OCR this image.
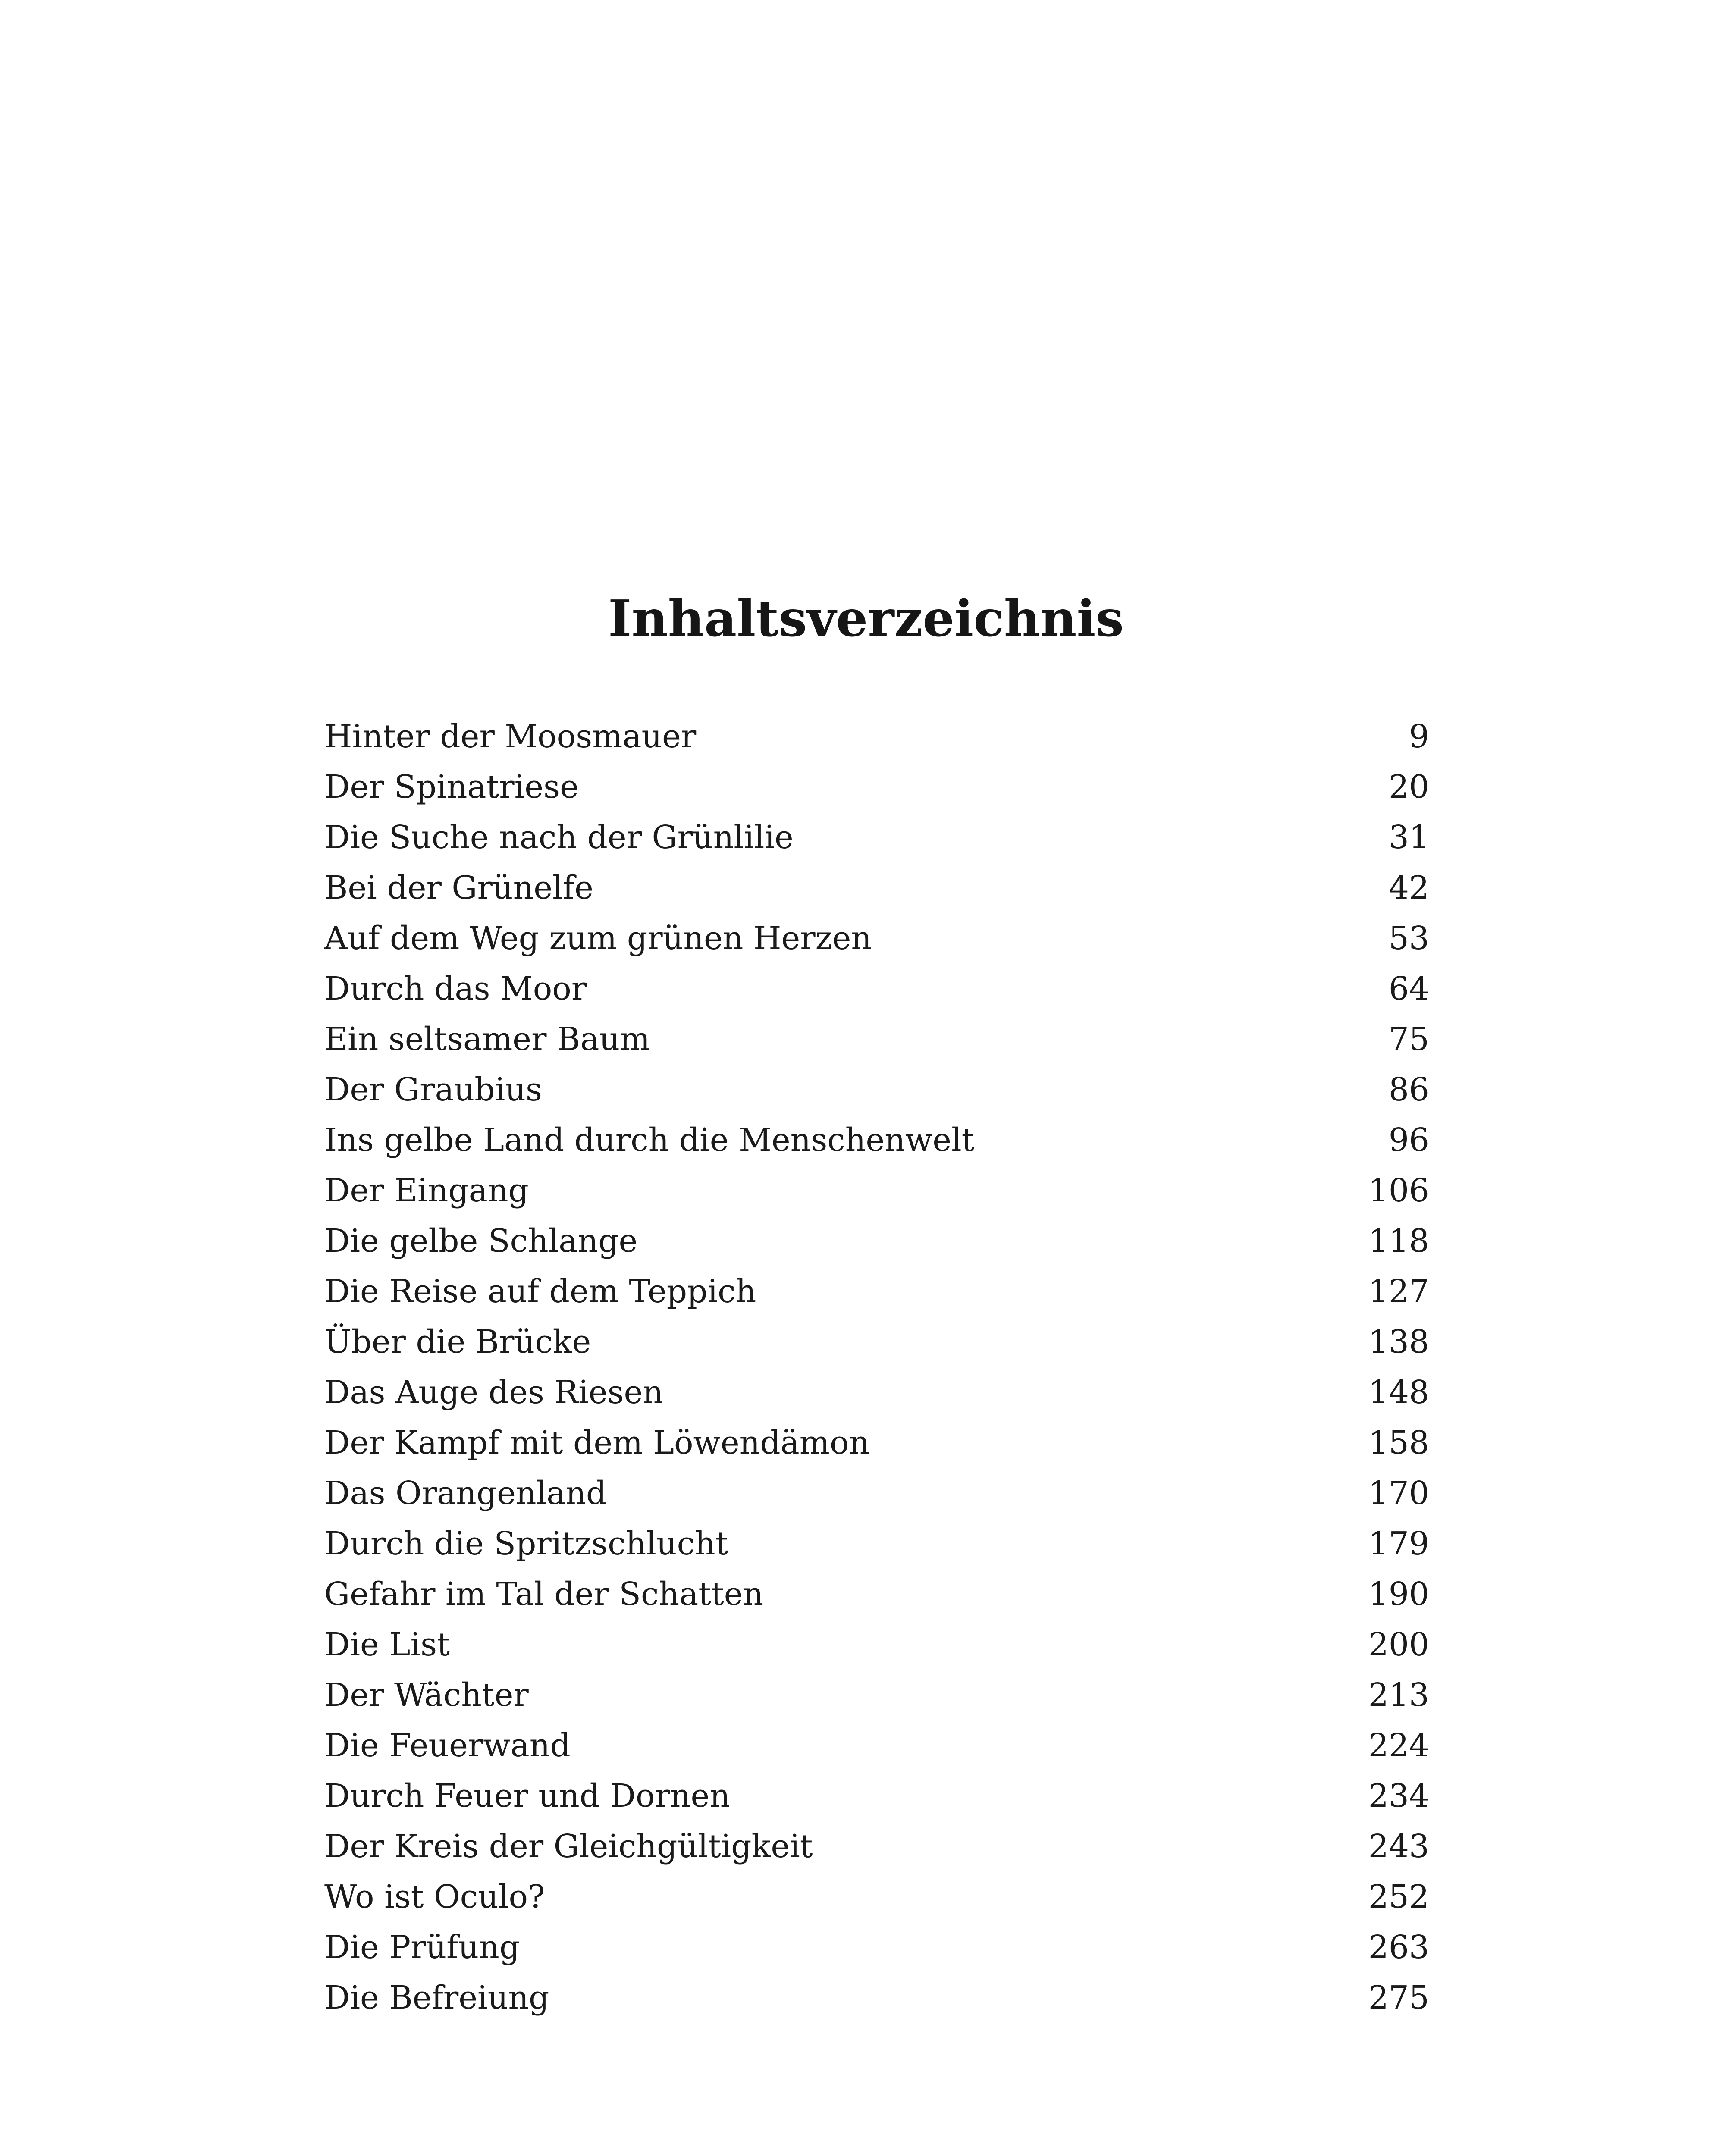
Inhaltsverzeichnis
Hinter der Moosmauer	9
Der Spinatriese	20
Die Suche nach der Grünlilie	31
Bei der Grünelfe	42
Auf dem Weg zum grünen Herzen	53
Durch das Moor	64
Ein seltsamer Baum	75
Der Graubius	86
Ins gelbe Land durch die Menschenwelt	96
Der Eingang	106
Die gelbe Schlange	118
Die Reise auf dem Teppich	127
Über die Brücke	138
Das Auge des Riesen	148
Der Kampf mit dem Löwendämon	158
Das Orangenland	170
Durch die Spritzschlucht	179
Gefahr im Tal der Schatten	190
Die List	200
Der Wächter	213
Die Feuerwand	224
Durch Feuer und Dornen	234
Der Kreis der Gleichgültigkeit	243
Wo ist Oculo?	252
Die Prüfung	263
Die Befreiung	275
